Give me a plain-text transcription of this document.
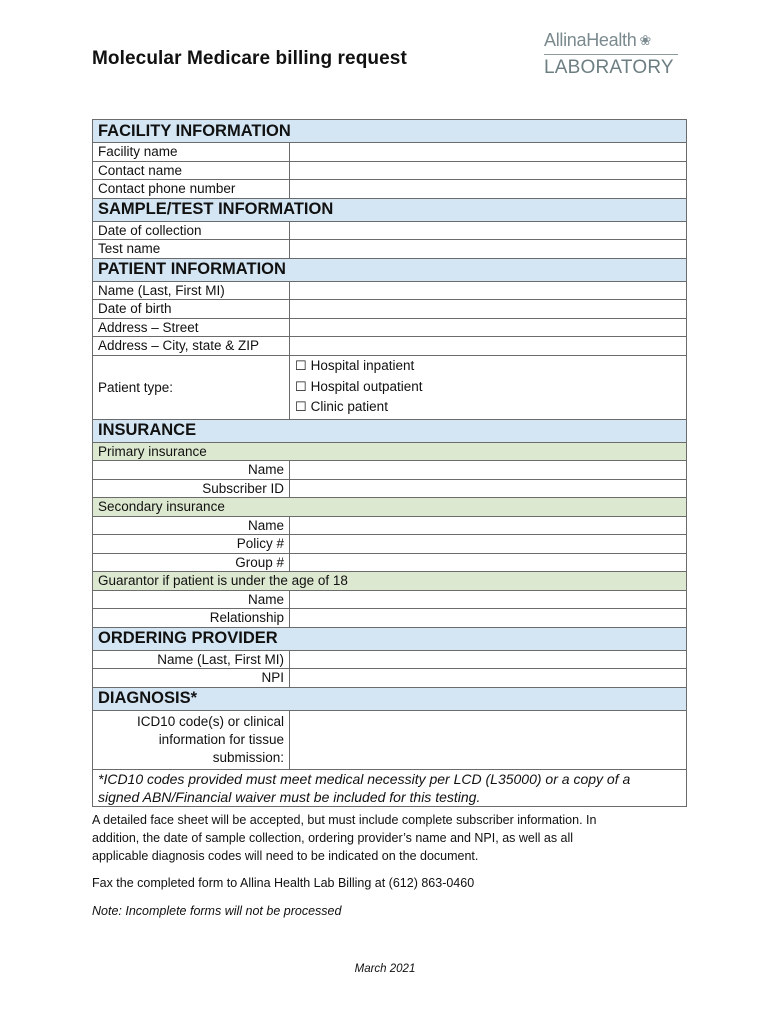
Molecular Medicare billing request
AllinaHealth ❀
LABORATORY
FACILITY INFORMATION	
Facility name	
Contact name	
Contact phone number	
SAMPLE/TEST INFORMATION	
Date of collection	
Test name	
PATIENT INFORMATION	
Name (Last, First MI)	
Date of birth	
Address – Street	
Address – City, state & ZIP	
Patient type:	☐ Hospital inpatient
☐ Hospital outpatient
☐ Clinic patient

INSURANCE	
Primary insurance	
Name	
Subscriber ID	
Secondary insurance	
Name	
Policy #	
Group #	
Guarantor if patient is under the age of 18	
Name	
Relationship	
ORDERING PROVIDER	
Name (Last, First MI)	
NPI	
DIAGNOSIS*	

ICD10 code(s) or clinical
information for tissue
submission:	

*ICD10 codes provided must meet medical necessity per LCD (L35000) or a copy of a
signed ABN/Financial waiver must be included for this testing.	
A detailed face sheet will be accepted, but must include complete subscriber information. In
addition, the date of sample collection, ordering provider’s name and NPI, as well as all
applicable diagnosis codes will need to be indicated on the document.
Fax the completed form to Allina Health Lab Billing at (612) 863-0460
Note: Incomplete forms will not be processed
March 2021
